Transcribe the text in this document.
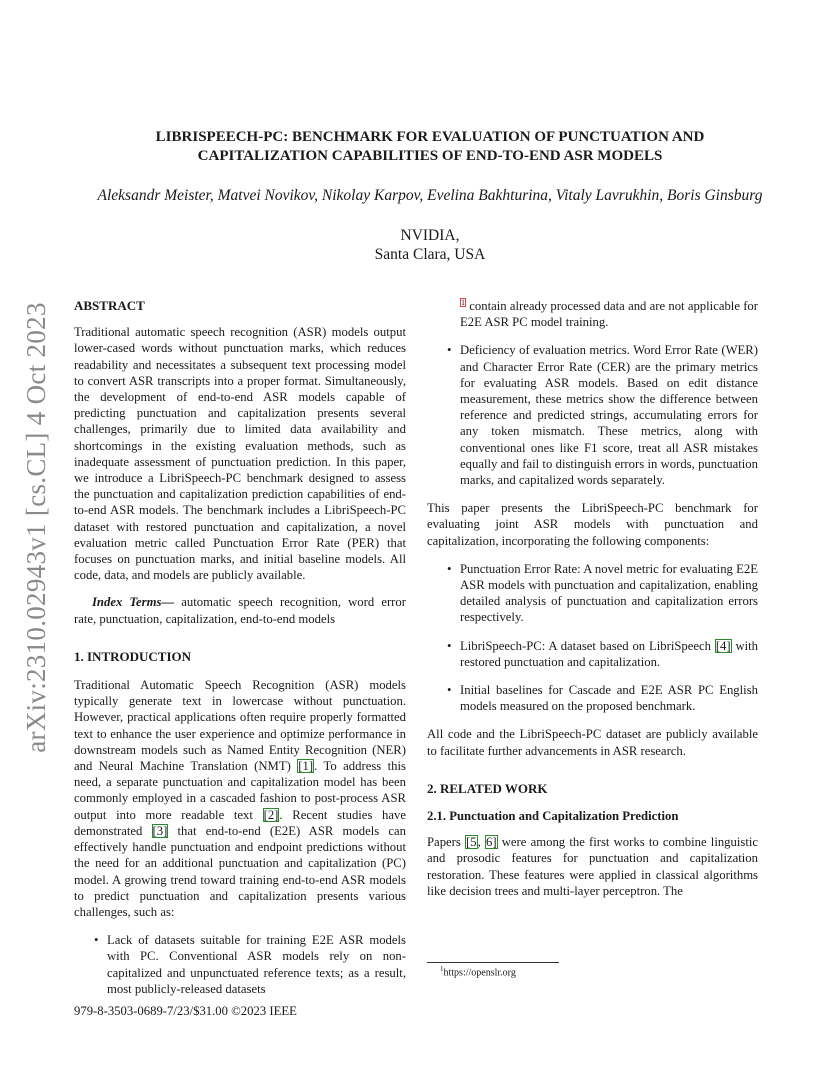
arXiv:2310.02943v1 [cs.CL] 4 Oct 2023
LIBRISPEECH-PC: BENCHMARK FOR EVALUATION OF PUNCTUATION AND CAPITALIZATION CAPABILITIES OF END-TO-END ASR MODELS

Aleksandr Meister, Matvei Novikov, Nikolay Karpov, Evelina Bakhturina, Vitaly Lavrukhin, Boris Ginsburg

NVIDIA,
Santa Clara, USA

ABSTRACT

Traditional automatic speech recognition (ASR) models output lower-cased words without punctuation marks, which reduces readability and necessitates a subsequent text processing model to convert ASR transcripts into a proper format. Simultaneously, the development of end-to-end ASR models capable of predicting punctuation and capitalization presents several challenges, primarily due to limited data availability and shortcomings in the existing evaluation methods, such as inadequate assessment of punctuation prediction. In this paper, we introduce a LibriSpeech-PC benchmark designed to assess the punctuation and capitalization prediction capabilities of end-to-end ASR models. The benchmark includes a LibriSpeech-PC dataset with restored punctuation and capitalization, a novel evaluation metric called Punctuation Error Rate (PER) that focuses on punctuation marks, and initial baseline models. All code, data, and models are publicly available.

Index Terms— automatic speech recognition, word error rate, punctuation, capitalization, end-to-end models

1. INTRODUCTION

Traditional Automatic Speech Recognition (ASR) models typically generate text in lowercase without punctuation. However, practical applications often require properly formatted text to enhance the user experience and optimize performance in downstream models such as Named Entity Recognition (NER) and Neural Machine Translation (NMT) [1]. To address this need, a separate punctuation and capitalization model has been commonly employed in a cascaded fashion to post-process ASR output into more readable text [2]. Recent studies have demonstrated [3] that end-to-end (E2E) ASR models can effectively handle punctuation and endpoint predictions without the need for an additional punctuation and capitalization (PC) model. A growing trend toward training end-to-end ASR models to predict punctuation and capitalization presents various challenges, such as:

• Lack of datasets suitable for training E2E ASR models with PC. Conventional ASR models rely on non-capitalized and unpunctuated reference texts; as a result, most publicly-released datasets
$^1$ contain already processed data and are not applicable for E2E ASR PC model training.
• Deficiency of evaluation metrics. Word Error Rate (WER) and Character Error Rate (CER) are the primary metrics for evaluating ASR models. Based on edit distance measurement, these metrics show the difference between reference and predicted strings, accumulating errors for any token mismatch. These metrics, along with conventional ones like F1 score, treat all ASR mistakes equally and fail to distinguish errors in words, punctuation marks, and capitalized words separately.

This paper presents the LibriSpeech-PC benchmark for evaluating joint ASR models with punctuation and capitalization, incorporating the following components:

• Punctuation Error Rate: A novel metric for evaluating E2E ASR models with punctuation and capitalization, enabling detailed analysis of punctuation and capitalization errors respectively.
• LibriSpeech-PC: A dataset based on LibriSpeech [4] with restored punctuation and capitalization.
• Initial baselines for Cascade and E2E ASR PC English models measured on the proposed benchmark.

All code and the LibriSpeech-PC dataset are publicly available to facilitate further advancements in ASR research.

2. RELATED WORK

2.1. Punctuation and Capitalization Prediction

Papers [5, 6] were among the first works to combine linguistic and prosodic features for punctuation and capitalization restoration. These features were applied in classical algorithms like decision trees and multi-layer perceptron. The

$^1$https://openslr.org

979-8-3503-0689-7/23/$31.00 ©2023 IEEE
